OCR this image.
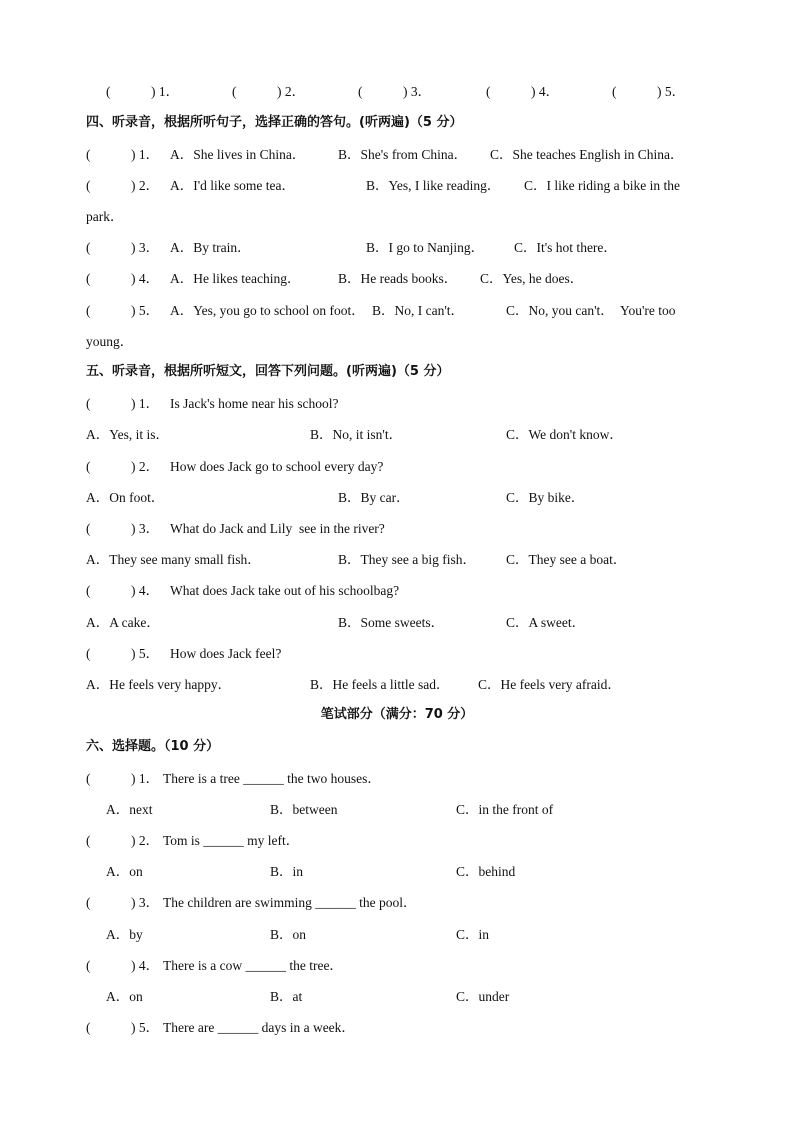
(　　　) 1．	(　　　) 2．	(　　　) 3．	(　　　) 4．	(　　　) 5．
四、听录音，根据所听句子，选择正确的答句。(听两遍)（5 分）
(　　　) 1． A．She lives in China． B．She's from China． C．She teaches English in China．
(　　　) 2． A．I'd like some tea．	B．Yes, I like reading． C．I like riding a bike in the
park．
(　　　) 3． A．By train．	B．I go to Nanjing． C．It's hot there．
(　　　) 4． A．He likes teaching．	B．He reads books． C．Yes, he does．
(　　　) 5． A．Yes, you go to school on foot． B．No, I can't．	C．No, you can't．  You're too
young．
五、听录音，根据所听短文，回答下列问题。(听两遍)（5 分）
(　　　) 1． Is Jack's home near his school?
A．Yes, it is．	B．No, it isn't．	C．We don't know．
(　　　) 2． How does Jack go to school every day?
A．On foot．	B．By car．	C．By bike．
(　　　) 3． What do Jack and Lily  see in the river?
A．They see many small fish．	B．They see a big fish． C．They see a boat．
(　　　) 4． What does Jack take out of his schoolbag?
A．A cake．	B．Some sweets．	C．A sweet．
(　　　) 5． How does Jack feel?
A．He feels very happy．	B．He feels a little sad． C．He feels very afraid．
笔试部分（满分：70 分）
六、选择题。（10 分）
(　　　) 1． There is a tree ______ the two houses．
A．next	B．between	C．in the front of
(　　　) 2． Tom is ______ my left．
A．on	B．in	C．behind
(　　　) 3． The children are swimming ______ the pool．
A．by	B．on	C．in
(　　　) 4． There is a cow ______ the tree．
A．on	B．at	C．under
(　　　) 5． There are ______ days in a week．
